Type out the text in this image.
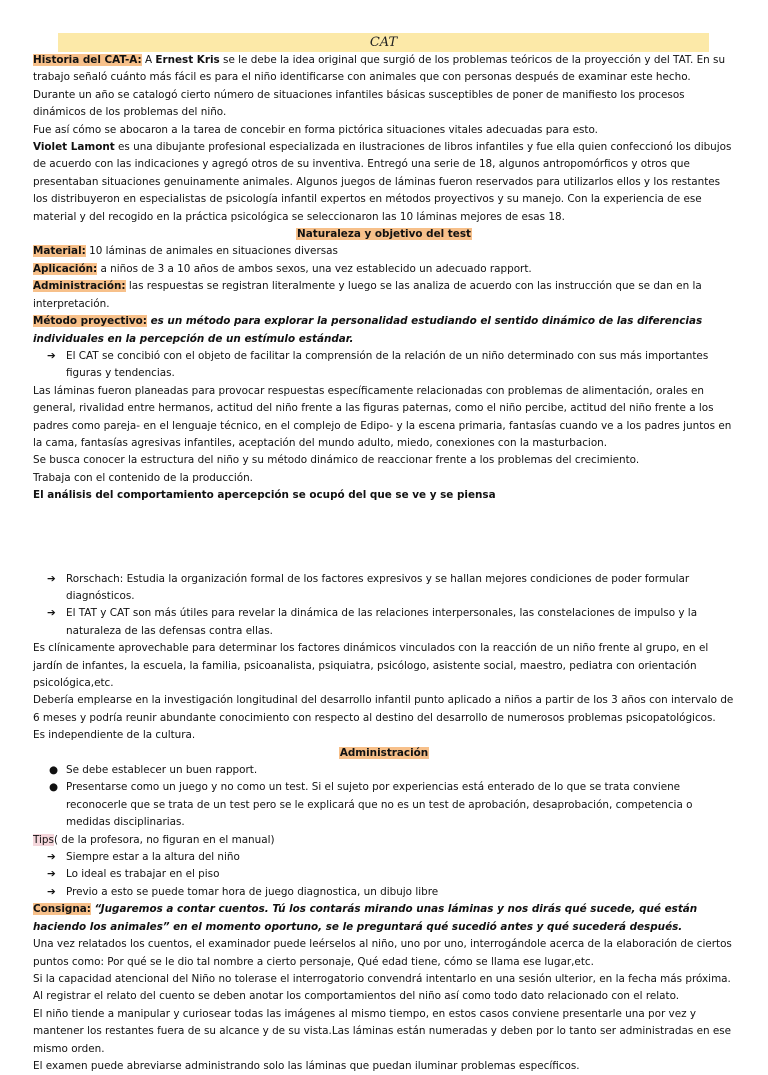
CAT

Historia del CAT-A: A Ernest Kris se le debe la idea original que surgió de los problemas teóricos de la proyección y del TAT. En su trabajo señaló cuánto más fácil es para el niño identificarse con animales que con personas después de examinar este hecho. Durante un año se catalogó cierto número de situaciones infantiles básicas susceptibles de poner de manifiesto los procesos dinámicos de los problemas del niño.

Fue así cómo se abocaron a la tarea de concebir en forma pictórica situaciones vitales adecuadas para esto.

Violet Lamont es una dibujante profesional especializada en ilustraciones de libros infantiles y fue ella quien confeccionó los dibujos de acuerdo con las indicaciones y agregó otros de su inventiva. Entregó una serie de 18, algunos antropomórficos y otros que presentaban situaciones genuinamente animales. Algunos juegos de láminas fueron reservados para utilizarlos ellos y los restantes los distribuyeron en especialistas de psicología infantil expertos en métodos proyectivos y su manejo. Con la experiencia de ese material y del recogido en la práctica psicológica se seleccionaron las 10 láminas mejores de esas 18.

Naturaleza y objetivo del test

Material: 10 láminas de animales en situaciones diversas

Aplicación: a niños de 3 a 10 años de ambos sexos, una vez establecido un adecuado rapport.

Administración: las respuestas se registran literalmente y luego se las analiza de acuerdo con las instrucción que se dan en la interpretación.

Método proyectivo: es un método para explorar la personalidad estudiando el sentido dinámico de las diferencias individuales en la percepción de un estímulo estándar.

➔ El CAT se concibió con el objeto de facilitar la comprensión de la relación de un niño determinado con sus más importantes figuras y tendencias.

Las láminas fueron planeadas para provocar respuestas específicamente relacionadas con problemas de alimentación, orales en general, rivalidad entre hermanos, actitud del niño frente a las figuras paternas, como el niño percibe, actitud del niño frente a los padres como pareja- en el lenguaje técnico, en el complejo de Edipo- y la escena primaria, fantasías cuando ve a los padres juntos en la cama, fantasías agresivas infantiles, aceptación del mundo adulto, miedo, conexiones con la masturbacion.

Se busca conocer la estructura del niño y su método dinámico de reaccionar frente a los problemas del crecimiento.

Trabaja con el contenido de la producción.

El análisis del comportamiento apercepción se ocupó del que se ve y se piensa

➔ Rorschach: Estudia la organización formal de los factores expresivos y se hallan mejores condiciones de poder formular diagnósticos.
➔ El TAT y CAT son más útiles para revelar la dinámica de las relaciones interpersonales, las constelaciones de impulso y la naturaleza de las defensas contra ellas.

Es clínicamente aprovechable para determinar los factores dinámicos vinculados con la reacción de un niño frente al grupo, en el jardín de infantes, la escuela, la familia, psicoanalista, psiquiatra, psicólogo, asistente social, maestro, pediatra con orientación psicológica,etc.

Debería emplearse en la investigación longitudinal del desarrollo infantil punto aplicado a niños a partir de los 3 años con intervalo de 6 meses y podría reunir abundante conocimiento con respecto al destino del desarrollo de numerosos problemas psicopatológicos.

Es independiente de la cultura.

Administración

● Se debe establecer un buen rapport.
● Presentarse como un juego y no como un test. Si el sujeto por experiencias está enterado de lo que se trata conviene reconocerle que se trata de un test pero se le explicará que no es un test de aprobación, desaprobación, competencia o medidas disciplinarias.

Tips( de la profesora, no figuran en el manual)

➔ Siempre estar a la altura del niño
➔ Lo ideal es trabajar en el piso
➔ Previo a esto se puede tomar hora de juego diagnostica, un dibujo libre

Consigna: “Jugaremos a contar cuentos. Tú los contarás mirando unas láminas y nos dirás qué sucede, qué están haciendo los animales” en el momento oportuno, se le preguntará qué sucedió antes y qué sucederá después.

Una vez relatados los cuentos, el examinador puede leérselos al niño, uno por uno, interrogándole acerca de la elaboración de ciertos puntos como: Por qué se le dio tal nombre a cierto personaje, Qué edad tiene, cómo se llama ese lugar,etc.

Si la capacidad atencional del Niño no tolerase el interrogatorio convendrá intentarlo en una sesión ulterior, en la fecha más próxima.

Al registrar el relato del cuento se deben anotar los comportamientos del niño así como todo dato relacionado con el relato.

El niño tiende a manipular y curiosear todas las imágenes al mismo tiempo, en estos casos conviene presentarle una por vez y mantener los restantes fuera de su alcance y de su vista.Las láminas están numeradas y deben por lo tanto ser administradas en ese mismo orden.

El examen puede abreviarse administrando solo las láminas que puedan iluminar problemas específicos.
